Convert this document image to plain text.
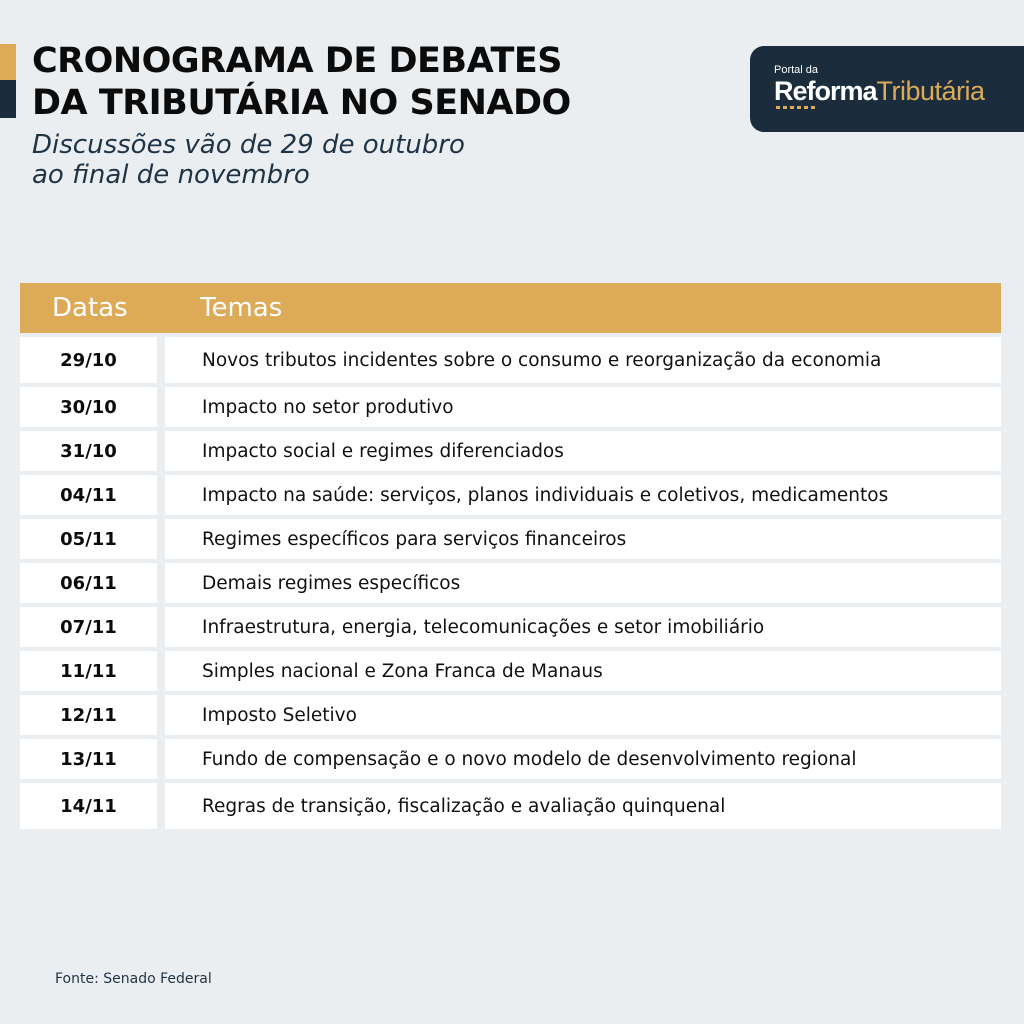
CRONOGRAMA DE DEBATES
DA TRIBUTÁRIA NO SENADO

Discussões vão de 29 de outubro
ao final de novembro

Portal da
ReformaTributária
Datas	Temas
29/10	Novos tributos incidentes sobre o consumo e reorganização da economia
30/10	Impacto no setor produtivo
31/10	Impacto social e regimes diferenciados
04/11	Impacto na saúde: serviços, planos individuais e coletivos, medicamentos
05/11	Regimes específicos para serviços financeiros
06/11	Demais regimes específicos
07/11	Infraestrutura, energia, telecomunicações e setor imobiliário
11/11	Simples nacional e Zona Franca de Manaus
12/11	Imposto Seletivo
13/11	Fundo de compensação e o novo modelo de desenvolvimento regional
14/11	Regras de transição, fiscalização e avaliação quinquenal
Fonte: Senado Federal
